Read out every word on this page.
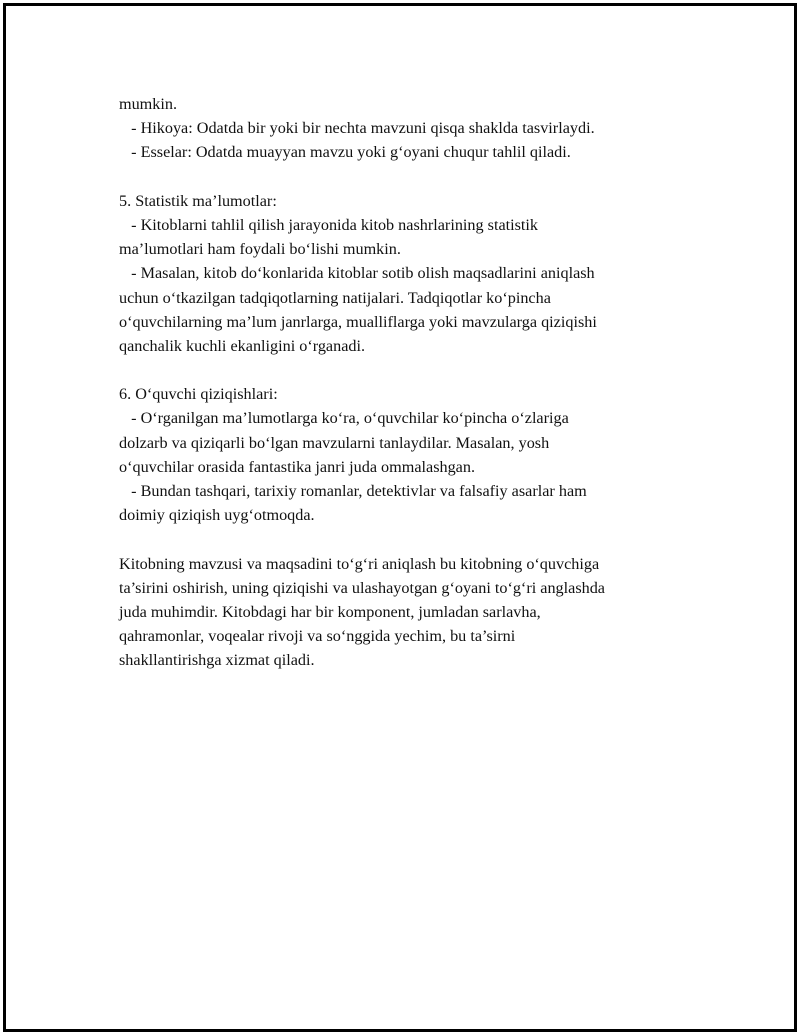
mumkin.
- Hikoya: Odatda bir yoki bir nechta mavzuni qisqa shaklda tasvirlaydi.
- Esselar: Odatda muayyan mavzu yoki g‘oyani chuqur tahlil qiladi.
5. Statistik ma’lumotlar:
- Kitoblarni tahlil qilish jarayonida kitob nashrlarining statistik
ma’lumotlari ham foydali bo‘lishi mumkin.
- Masalan, kitob do‘konlarida kitoblar sotib olish maqsadlarini aniqlash
uchun o‘tkazilgan tadqiqotlarning natijalari. Tadqiqotlar ko‘pincha
o‘quvchilarning ma’lum janrlarga, mualliflarga yoki mavzularga qiziqishi
qanchalik kuchli ekanligini o‘rganadi.
6. O‘quvchi qiziqishlari:
- O‘rganilgan ma’lumotlarga ko‘ra, o‘quvchilar ko‘pincha o‘zlariga
dolzarb va qiziqarli bo‘lgan mavzularni tanlaydilar. Masalan, yosh
o‘quvchilar orasida fantastika janri juda ommalashgan.
- Bundan tashqari, tarixiy romanlar, detektivlar va falsafiy asarlar ham
doimiy qiziqish uyg‘otmoqda.
Kitobning mavzusi va maqsadini to‘g‘ri aniqlash bu kitobning o‘quvchiga
ta’sirini oshirish, uning qiziqishi va ulashayotgan g‘oyani to‘g‘ri anglashda
juda muhimdir. Kitobdagi har bir komponent, jumladan sarlavha,
qahramonlar, voqealar rivoji va so‘nggida yechim, bu ta’sirni
shakllantirishga xizmat qiladi.
